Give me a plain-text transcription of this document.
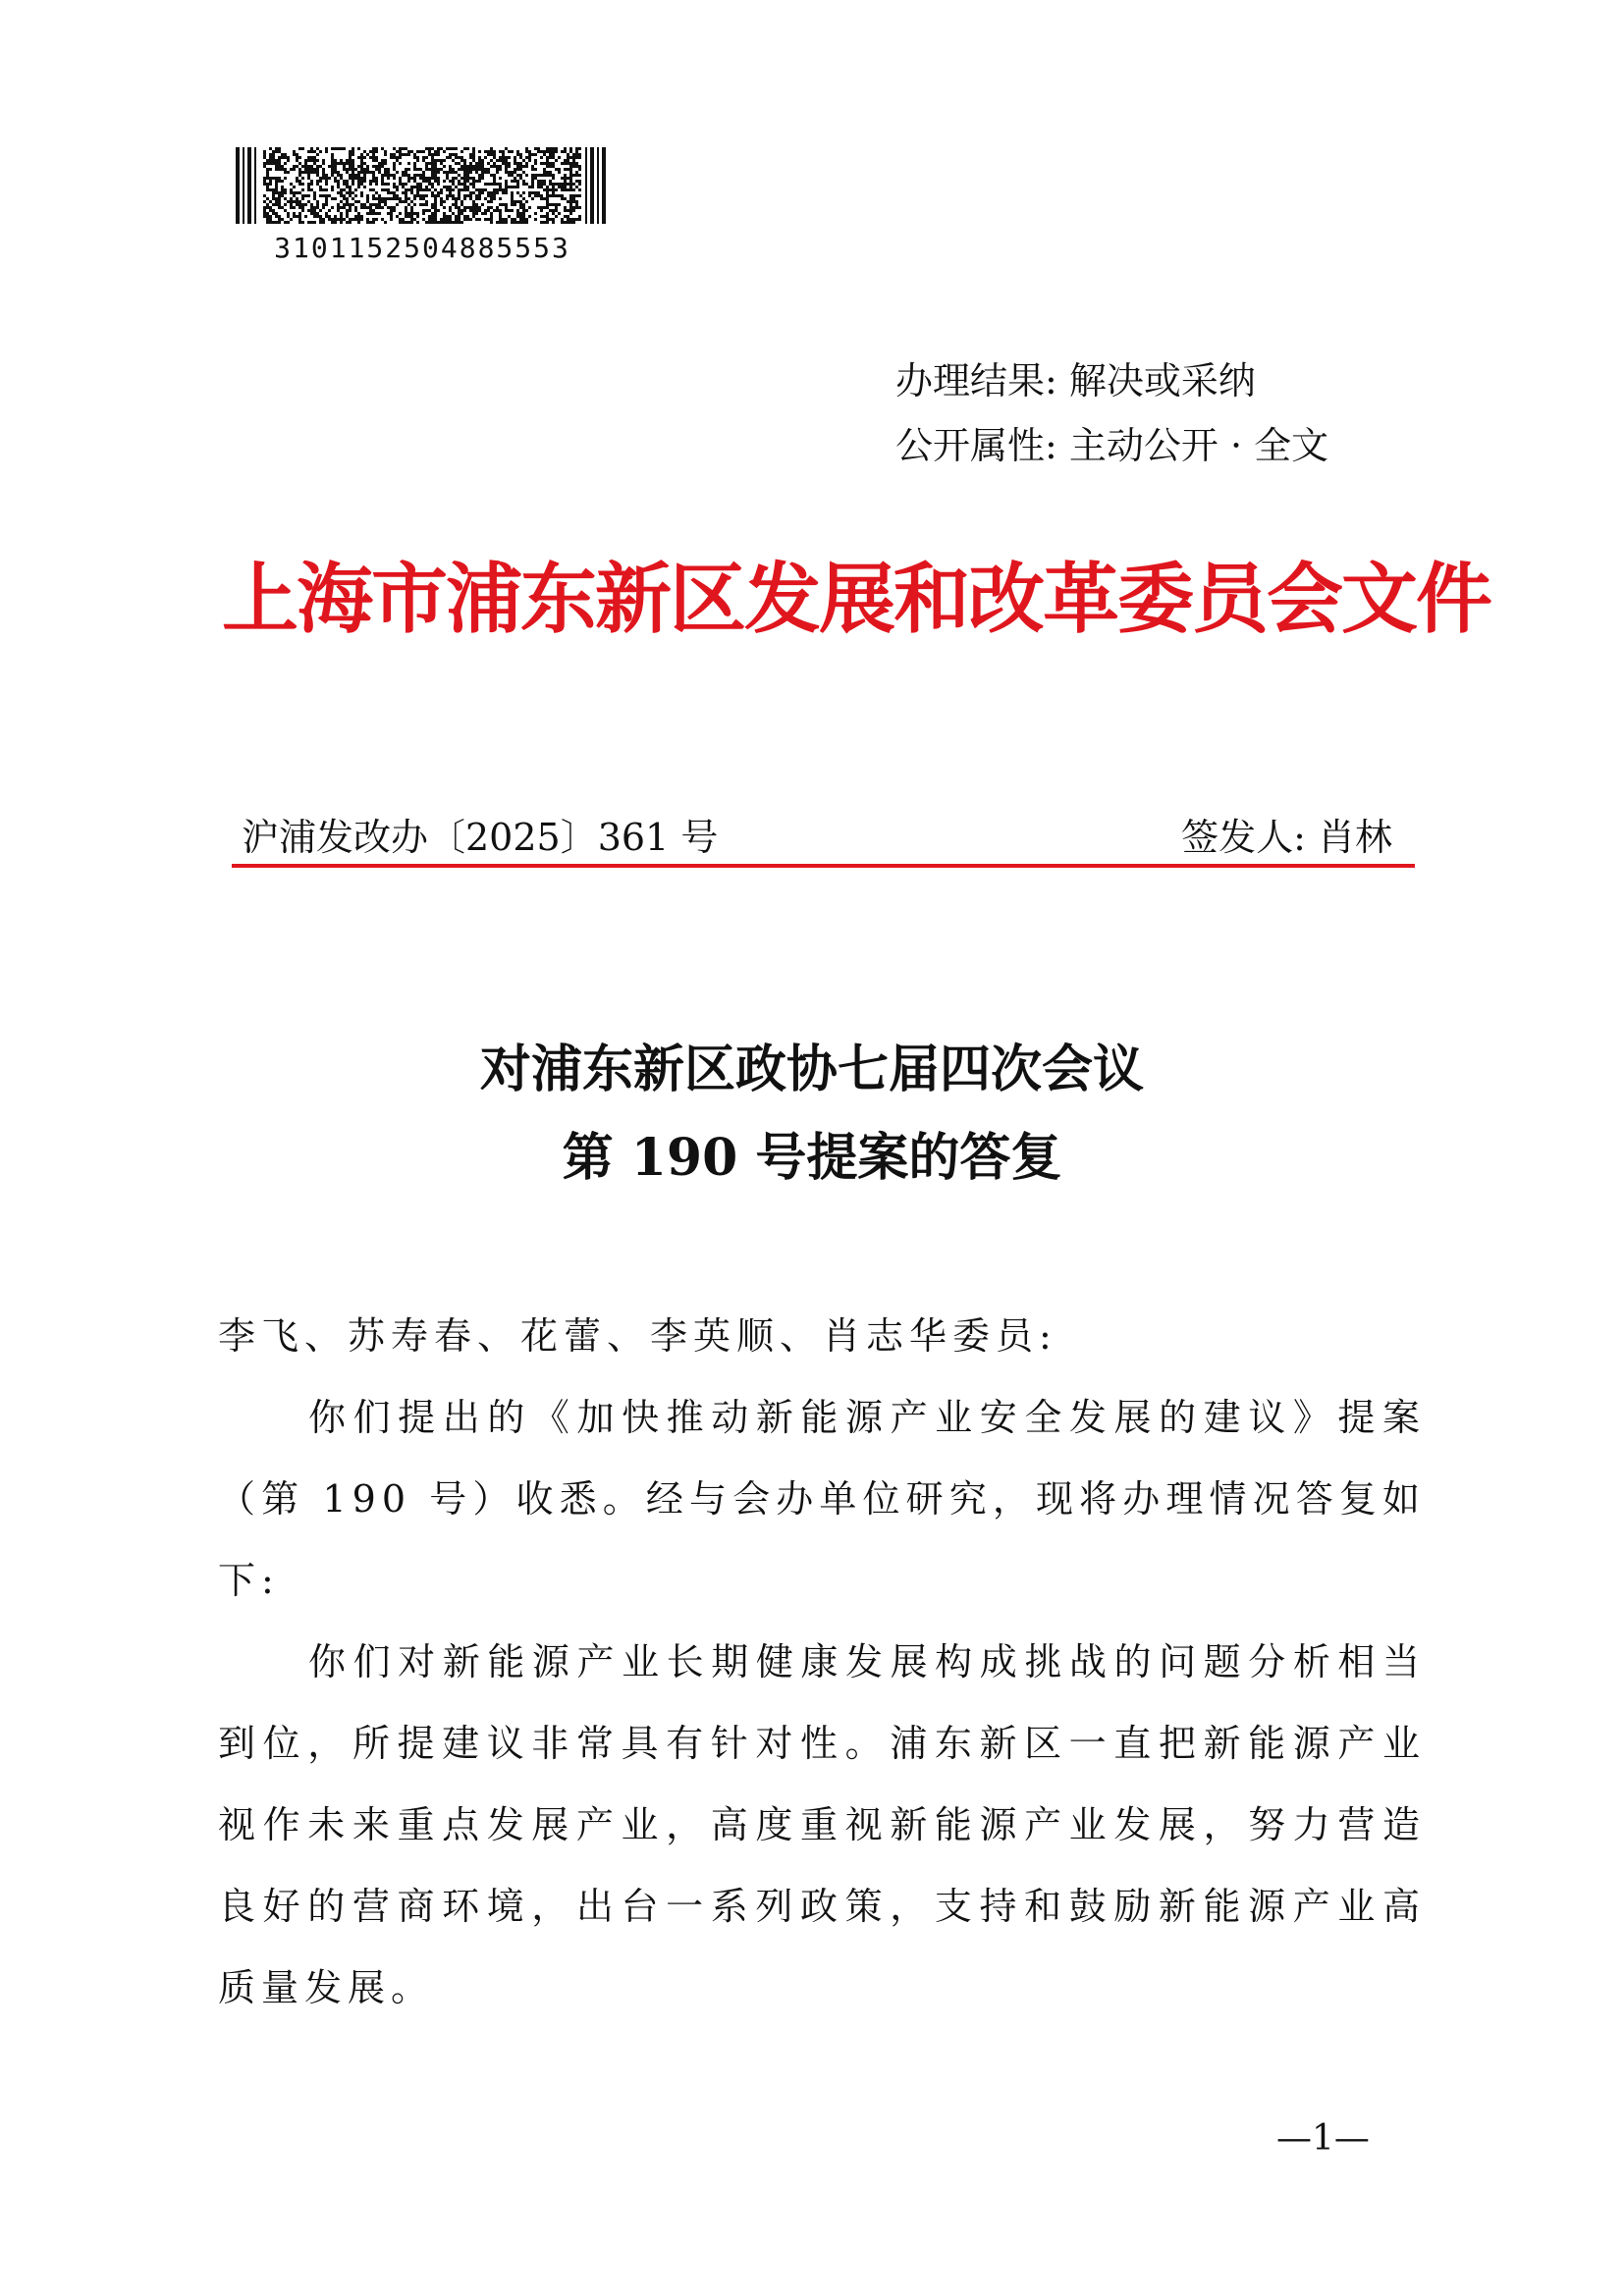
3101152504885553
办理结果: 解决或采纳
公开属性: 主动公开 · 全文
上海市浦东新区发展和改革委员会文件
沪浦发改办〔2025〕361 号	签发人: 肖林
对浦东新区政协七届四次会议
第 190 号提案的答复

李飞、苏寿春、花蕾、李英顺、肖志华委员:

你们提出的《加快推动新能源产业安全发展的建议》提案（第 190 号）收悉。经与会办单位研究，现将办理情况答复如下:

你们对新能源产业长期健康发展构成挑战的问题分析相当到位，所提建议非常具有针对性。浦东新区一直把新能源产业视作未来重点发展产业，高度重视新能源产业发展，努力营造良好的营商环境，出台一系列政策，支持和鼓励新能源产业高质量发展。

—1—
